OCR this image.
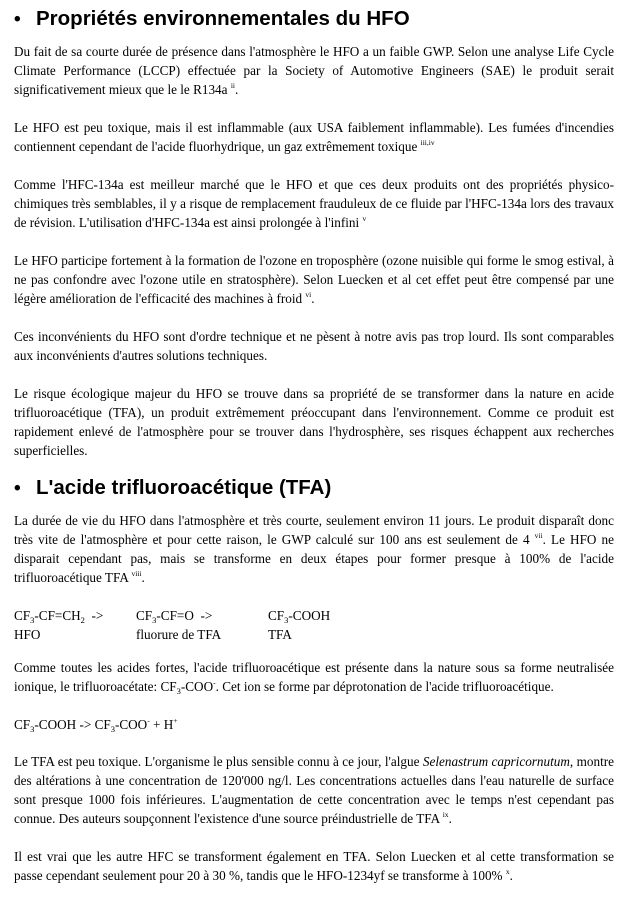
• Propriétés environnementales du HFO

Du fait de sa courte durée de présence dans l'atmosphère le HFO a un faible GWP. Selon une analyse Life Cycle Climate Performance (LCCP) effectuée par la Society of Automotive Engineers (SAE) le produit serait significativement mieux que le le R134a $^{ii}$.

Le HFO est peu toxique, mais il est inflammable (aux USA faiblement inflammable). Les fumées d'incendies contiennent cependant de l'acide fluorhydrique, un gaz extrêmement toxique $^{iii,iv}$

Comme l'HFC-134a est meilleur marché que le HFO et que ces deux produits ont des propriétés physico-chimiques très semblables, il y a risque de remplacement frauduleux de ce fluide par l'HFC-134a lors des travaux de révision. L'utilisation d'HFC-134a est ainsi prolongée à l'infini $^v$

Le HFO participe fortement à la formation de l'ozone en troposphère (ozone nuisible qui forme le smog estival, à ne pas confondre avec l'ozone utile en stratosphère). Selon Luecken et al cet effet peut être compensé par une légère amélioration de l'efficacité des machines à froid $^{vi}$.

Ces inconvénients du HFO sont d'ordre technique et ne pèsent à notre avis pas trop lourd. Ils sont comparables aux inconvénients d'autres solutions techniques.

Le risque écologique majeur du HFO se trouve dans sa propriété de se transformer dans la nature en acide trifluoroacétique (TFA), un produit extrêmement préoccupant dans l'environnement. Comme ce produit est rapidement enlevé de l'atmosphère pour se trouver dans l'hydrosphère, ses risques échappent aux recherches superficielles.

• L'acide trifluoroacétique (TFA)

La durée de vie du HFO dans l'atmosphère et très courte, seulement environ 11 jours. Le produit disparaît donc très vite de l'atmosphère et pour cette raison, le GWP calculé sur 100 ans est seulement de 4 $^{vii}$. Le HFO ne disparait cependant pas, mais se transforme en deux étapes pour former presque à 100% de l'acide trifluoroacétique TFA $^{viii}$.

$CF_3-CF=CH_2$ ->	$CF_3-CF=O$ ->	$CF_3$-COOH
HFO	fluorure de TFA	TFA

Comme toutes les acides fortes, l'acide trifluoroacétique est présente dans la nature sous sa forme neutralisée ionique, le trifluoroacétate: $CF_3-COO^-$. Cet ion se forme par déprotonation de l'acide trifluoroacétique.

$CF_3$-COOH -> $CF_3-COO^- + H^+$

Le TFA est peu toxique. L'organisme le plus sensible connu à ce jour, l'algue Selenastrum capricornutum, montre des altérations à une concentration de 120'000 ng/l. Les concentrations actuelles dans l'eau naturelle de surface sont presque 1000 fois inférieures. L'augmentation de cette concentration avec le temps n'est cependant pas connue. Des auteurs soupçonnent l'existence d'une source préindustrielle de TFA $^{ix}$.

Il est vrai que les autre HFC se transforment également en TFA. Selon Luecken et al cette transformation se passe cependant seulement pour 20 à 30 %, tandis que le HFO-1234yf se transforme à 100% $^x$.
